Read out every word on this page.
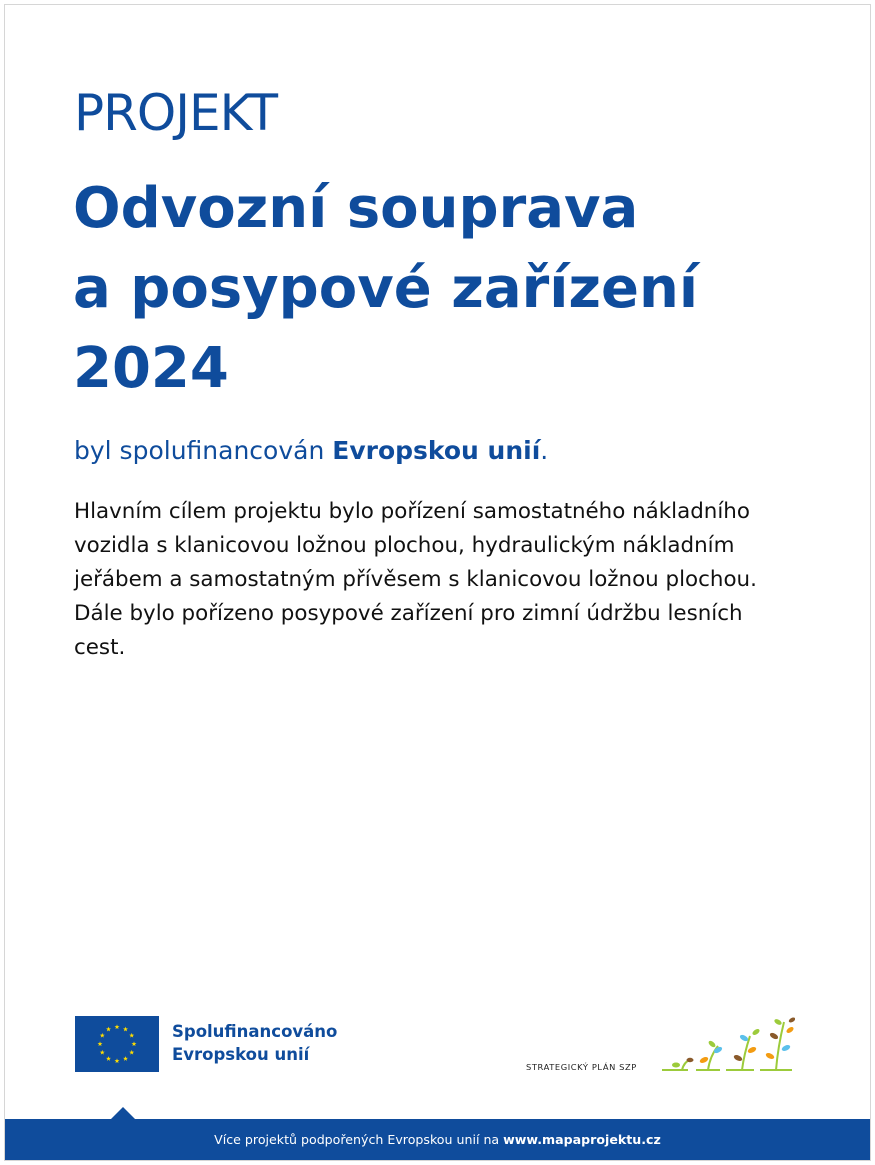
PROJEKT
Odvozní souprava
a posypové zařízení
2024

byl spolufinancován Evropskou unií.

Hlavním cílem projektu bylo pořízení samostatného nákladního
vozidla s klanicovou ložnou plochou, hydraulickým nákladním
jeřábem a samostatným přívěsem s klanicovou ložnou plochou.
Dále bylo pořízeno posypové zařízení pro zimní údržbu lesních
cest.

Spolufinancováno
Evropskou unií
STRATEGICKÝ PLÁN SZP
Více projektů podpořených Evropskou unií na www.mapaprojektu.cz
